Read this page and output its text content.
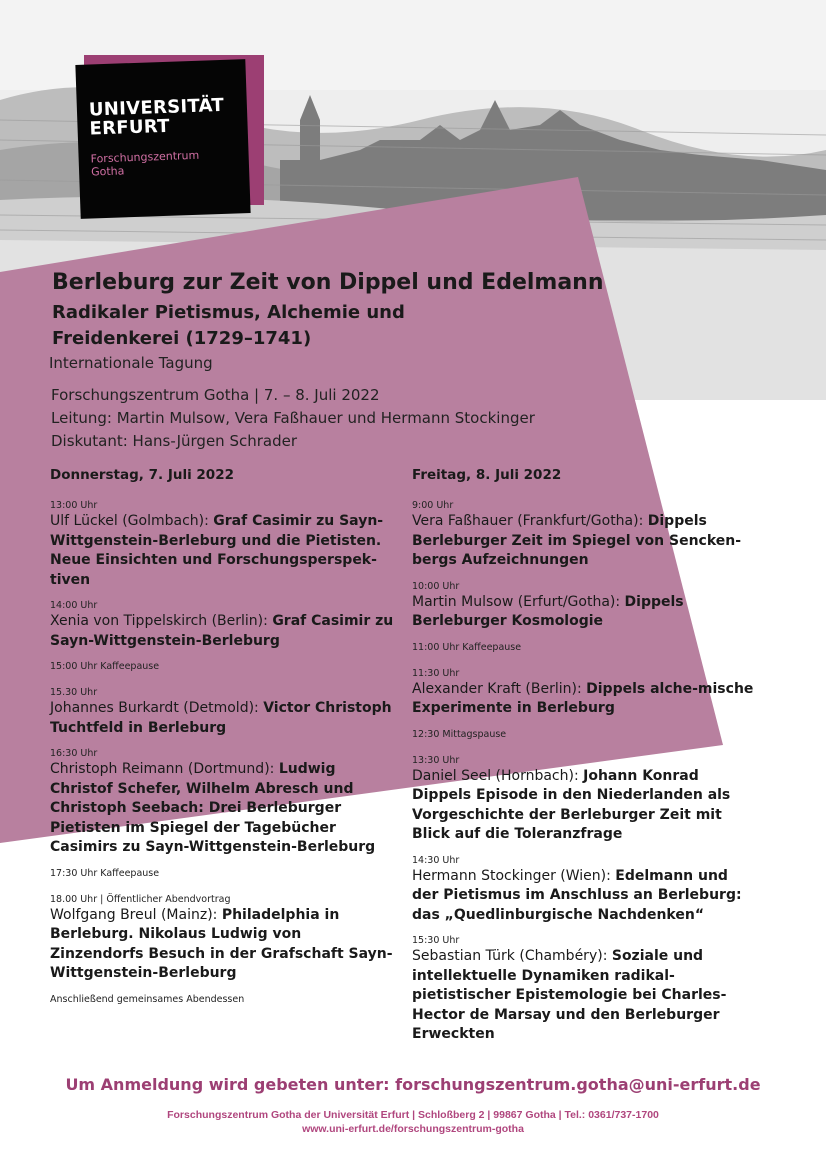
UNIVERSITÄT
ERFURT
Forschungszentrum
Gotha
Berleburg zur Zeit von Dippel und Edelmann
Radikaler Pietismus, Alchemie und Freidenkerei (1729–1741)
Internationale Tagung
Forschungszentrum Gotha | 7. – 8. Juli 2022
Leitung: Martin Mulsow, Vera Faßhauer und Hermann Stockinger
Diskutant: Hans-Jürgen Schrader
Donnerstag, 7. Juli 2022	Freitag, 8. Juli 2022
13:00 Uhr
Ulf Lückel (Golmbach): Graf Casimir zu Sayn-Wittgenstein-Berleburg und die Pietisten. Neue Einsichten und Forschungsperspek-tiven
14:00 Uhr
Xenia von Tippelskirch (Berlin): Graf Casimir zu Sayn-Wittgenstein-Berleburg
15:00 Uhr Kaffeepause
15.30 Uhr
Johannes Burkardt (Detmold): Victor Christoph Tuchtfeld in Berleburg
16:30 Uhr
Christoph Reimann (Dortmund): Ludwig Christof Schefer, Wilhelm Abresch und Christoph Seebach: Drei Berleburger Pietisten im Spiegel der Tagebücher Casimirs zu Sayn-Wittgenstein-Berleburg
17:30 Uhr Kaffeepause
18.00 Uhr | Öffentlicher Abendvortrag
Wolfgang Breul (Mainz): Philadelphia in Berleburg. Nikolaus Ludwig von Zinzendorfs Besuch in der Grafschaft Sayn-Wittgenstein-Berleburg
Anschließend gemeinsames Abendessen
9:00 Uhr
Vera Faßhauer (Frankfurt/Gotha): Dippels Berleburger Zeit im Spiegel von Sencken-bergs Aufzeichnungen
10:00 Uhr
Martin Mulsow (Erfurt/Gotha): Dippels Berleburger Kosmologie
11:00 Uhr Kaffeepause
11:30 Uhr
Alexander Kraft (Berlin): Dippels alche-mische Experimente in Berleburg
12:30 Mittagspause
13:30 Uhr
Daniel Seel (Hornbach): Johann Konrad Dippels Episode in den Niederlanden als Vorgeschichte der Berleburger Zeit mit Blick auf die Toleranzfrage
14:30 Uhr
Hermann Stockinger (Wien): Edelmann und der Pietismus im Anschluss an Berleburg: das „Quedlinburgische Nachdenken“
15:30 Uhr
Sebastian Türk (Chambéry): Soziale und intellektuelle Dynamiken radikal-pietistischer Epistemologie bei Charles-Hector de Marsay und den Berleburger Erweckten
Um Anmeldung wird gebeten unter: forschungszentrum.gotha@uni-erfurt.de
Forschungszentrum Gotha der Universität Erfurt | Schloßberg 2 | 99867 Gotha | Tel.: 0361/737-1700
www.uni-erfurt.de/forschungszentrum-gotha
